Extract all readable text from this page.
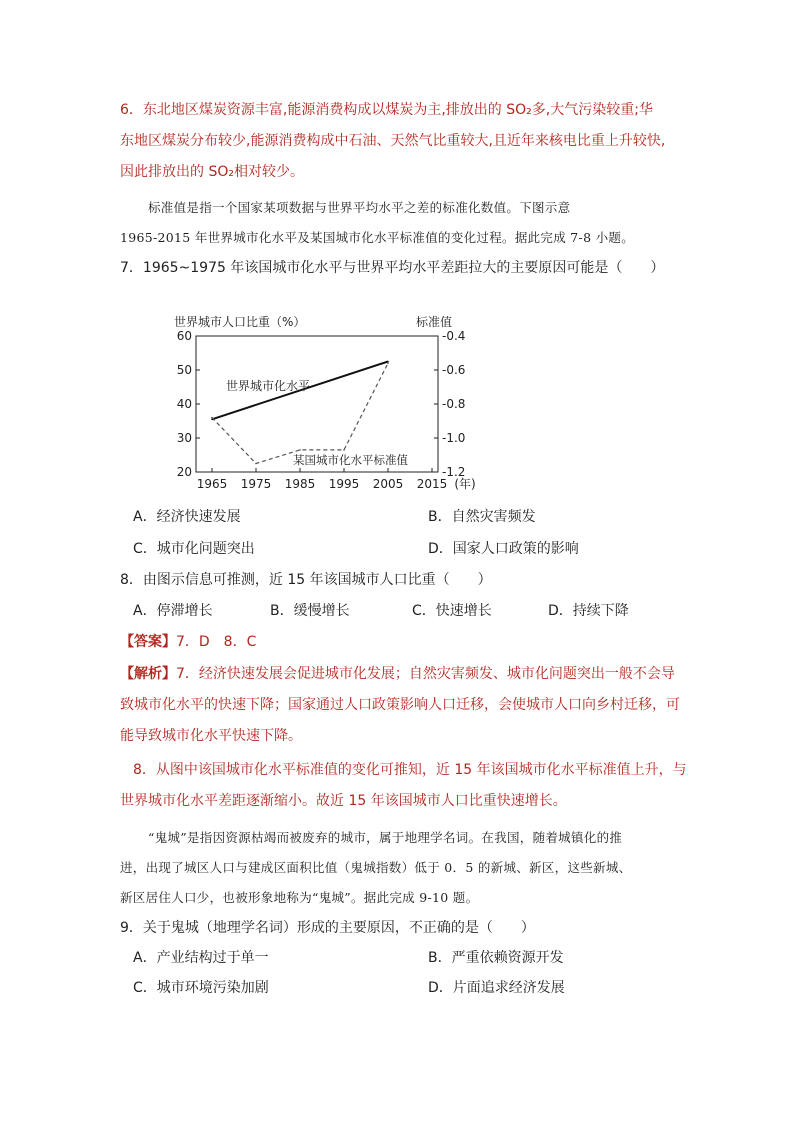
6．东北地区煤炭资源丰富,能源消费构成以煤炭为主,排放出的 SO₂多,大气污染较重;华
东地区煤炭分布较少,能源消费构成中石油、天然气比重较大,且近年来核电比重上升较快,
因此排放出的 SO₂相对较少。
标准值是指一个国家某项数据与世界平均水平之差的标准化数值。下图示意
1965-2015 年世界城市化水平及某国城市化水平标准值的变化过程。据此完成 7-8 小题。
7．1965~1975 年该国城市化水平与世界平均水平差距拉大的主要原因可能是（　　）
世界城市人口比重（%）	标准值
60
50
40
30
20
-0.4
-0.6
-0.8
-1.0
-1.2
1965 1975 1985 1995 2005 2015 (年)
世界城市化水平
某国城市化水平标准值
A．经济快速发展	B．自然灾害频发
C．城市化问题突出	D．国家人口政策的影响
8．由图示信息可推测，近 15 年该国城市人口比重（　　）
A．停滞增长	B．缓慢增长	C．快速增长	D．持续下降
【答案】7．D　8．C
【解析】7．经济快速发展会促进城市化发展；自然灾害频发、城市化问题突出一般不会导
致城市化水平的快速下降；国家通过人口政策影响人口迁移，会使城市人口向乡村迁移，可
能导致城市化水平快速下降。
8．从图中该国城市化水平标准值的变化可推知，近 15 年该国城市化水平标准值上升，与
世界城市化水平差距逐渐缩小。故近 15 年该国城市人口比重快速增长。
“鬼城”是指因资源枯竭而被废弃的城市，属于地理学名词。在我国，随着城镇化的推
进，出现了城区人口与建成区面积比值（鬼城指数）低于 0．5 的新城、新区，这些新城、
新区居住人口少，也被形象地称为“鬼城”。据此完成 9-10 题。
9．关于鬼城（地理学名词）形成的主要原因，不正确的是（　　）
A．产业结构过于单一	B．严重依赖资源开发
C．城市环境污染加剧	D．片面追求经济发展
